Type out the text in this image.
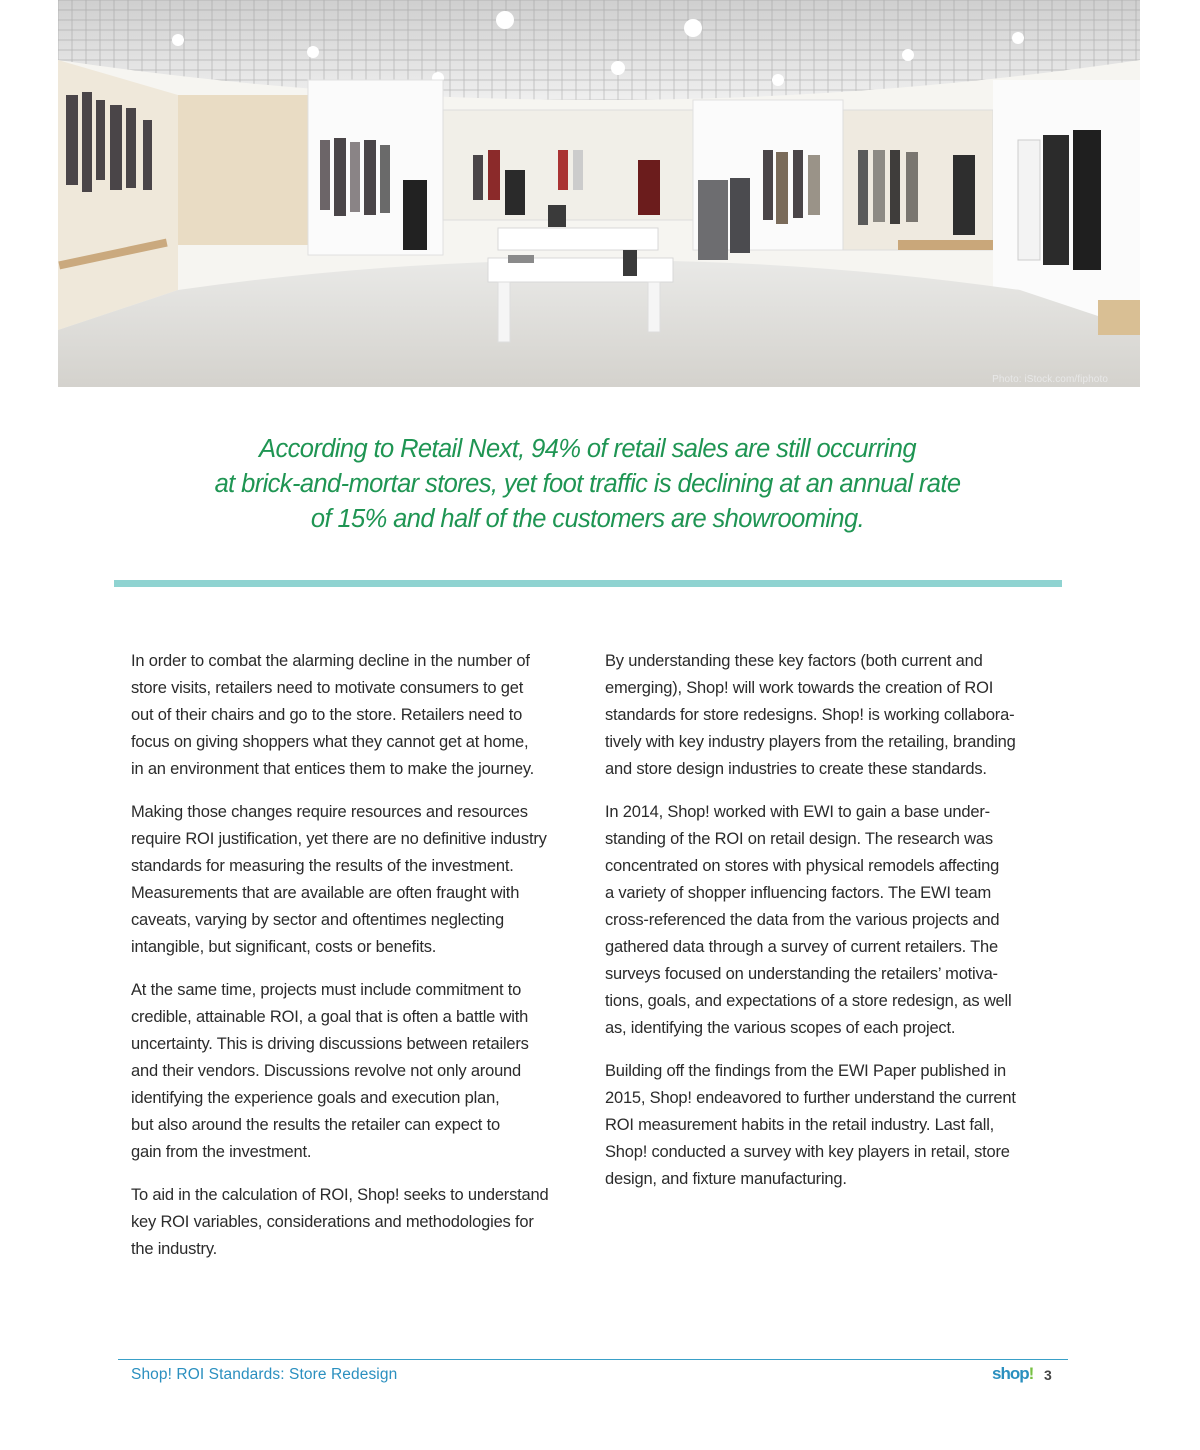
Photo: iStock.com/fiphoto
According to Retail Next, 94% of retail sales are still occurring
at brick-and-mortar stores, yet foot traffic is declining at an annual rate
of 15% and half of the customers are showrooming.

In order to combat the alarming decline in the number of
store visits, retailers need to motivate consumers to get
out of their chairs and go to the store. Retailers need to
focus on giving shoppers what they cannot get at home,
in an environment that entices them to make the journey.

Making those changes require resources and resources
require ROI justification, yet there are no definitive industry
standards for measuring the results of the investment.
Measurements that are available are often fraught with
caveats, varying by sector and oftentimes neglecting
intangible, but significant, costs or benefits.

At the same time, projects must include commitment to
credible, attainable ROI, a goal that is often a battle with
uncertainty. This is driving discussions between retailers
and their vendors. Discussions revolve not only around
identifying the experience goals and execution plan,
but also around the results the retailer can expect to
gain from the investment.

To aid in the calculation of ROI, Shop! seeks to understand
key ROI variables, considerations and methodologies for
the industry.

By understanding these key factors (both current and
emerging), Shop! will work towards the creation of ROI
standards for store redesigns. Shop! is working collabora-
tively with key industry players from the retailing, branding
and store design industries to create these standards.

In 2014, Shop! worked with EWI to gain a base under-
standing of the ROI on retail design. The research was
concentrated on stores with physical remodels affecting
a variety of shopper influencing factors. The EWI team
cross-referenced the data from the various projects and
gathered data through a survey of current retailers. The
surveys focused on understanding the retailers’ motiva-
tions, goals, and expectations of a store redesign, as well
as, identifying the various scopes of each project.

Building off the findings from the EWI Paper published in
2015, Shop! endeavored to further understand the current
ROI measurement habits in the retail industry. Last fall,
Shop! conducted a survey with key players in retail, store
design, and fixture manufacturing.

Shop! ROI Standards: Store Redesign	shop! 3
